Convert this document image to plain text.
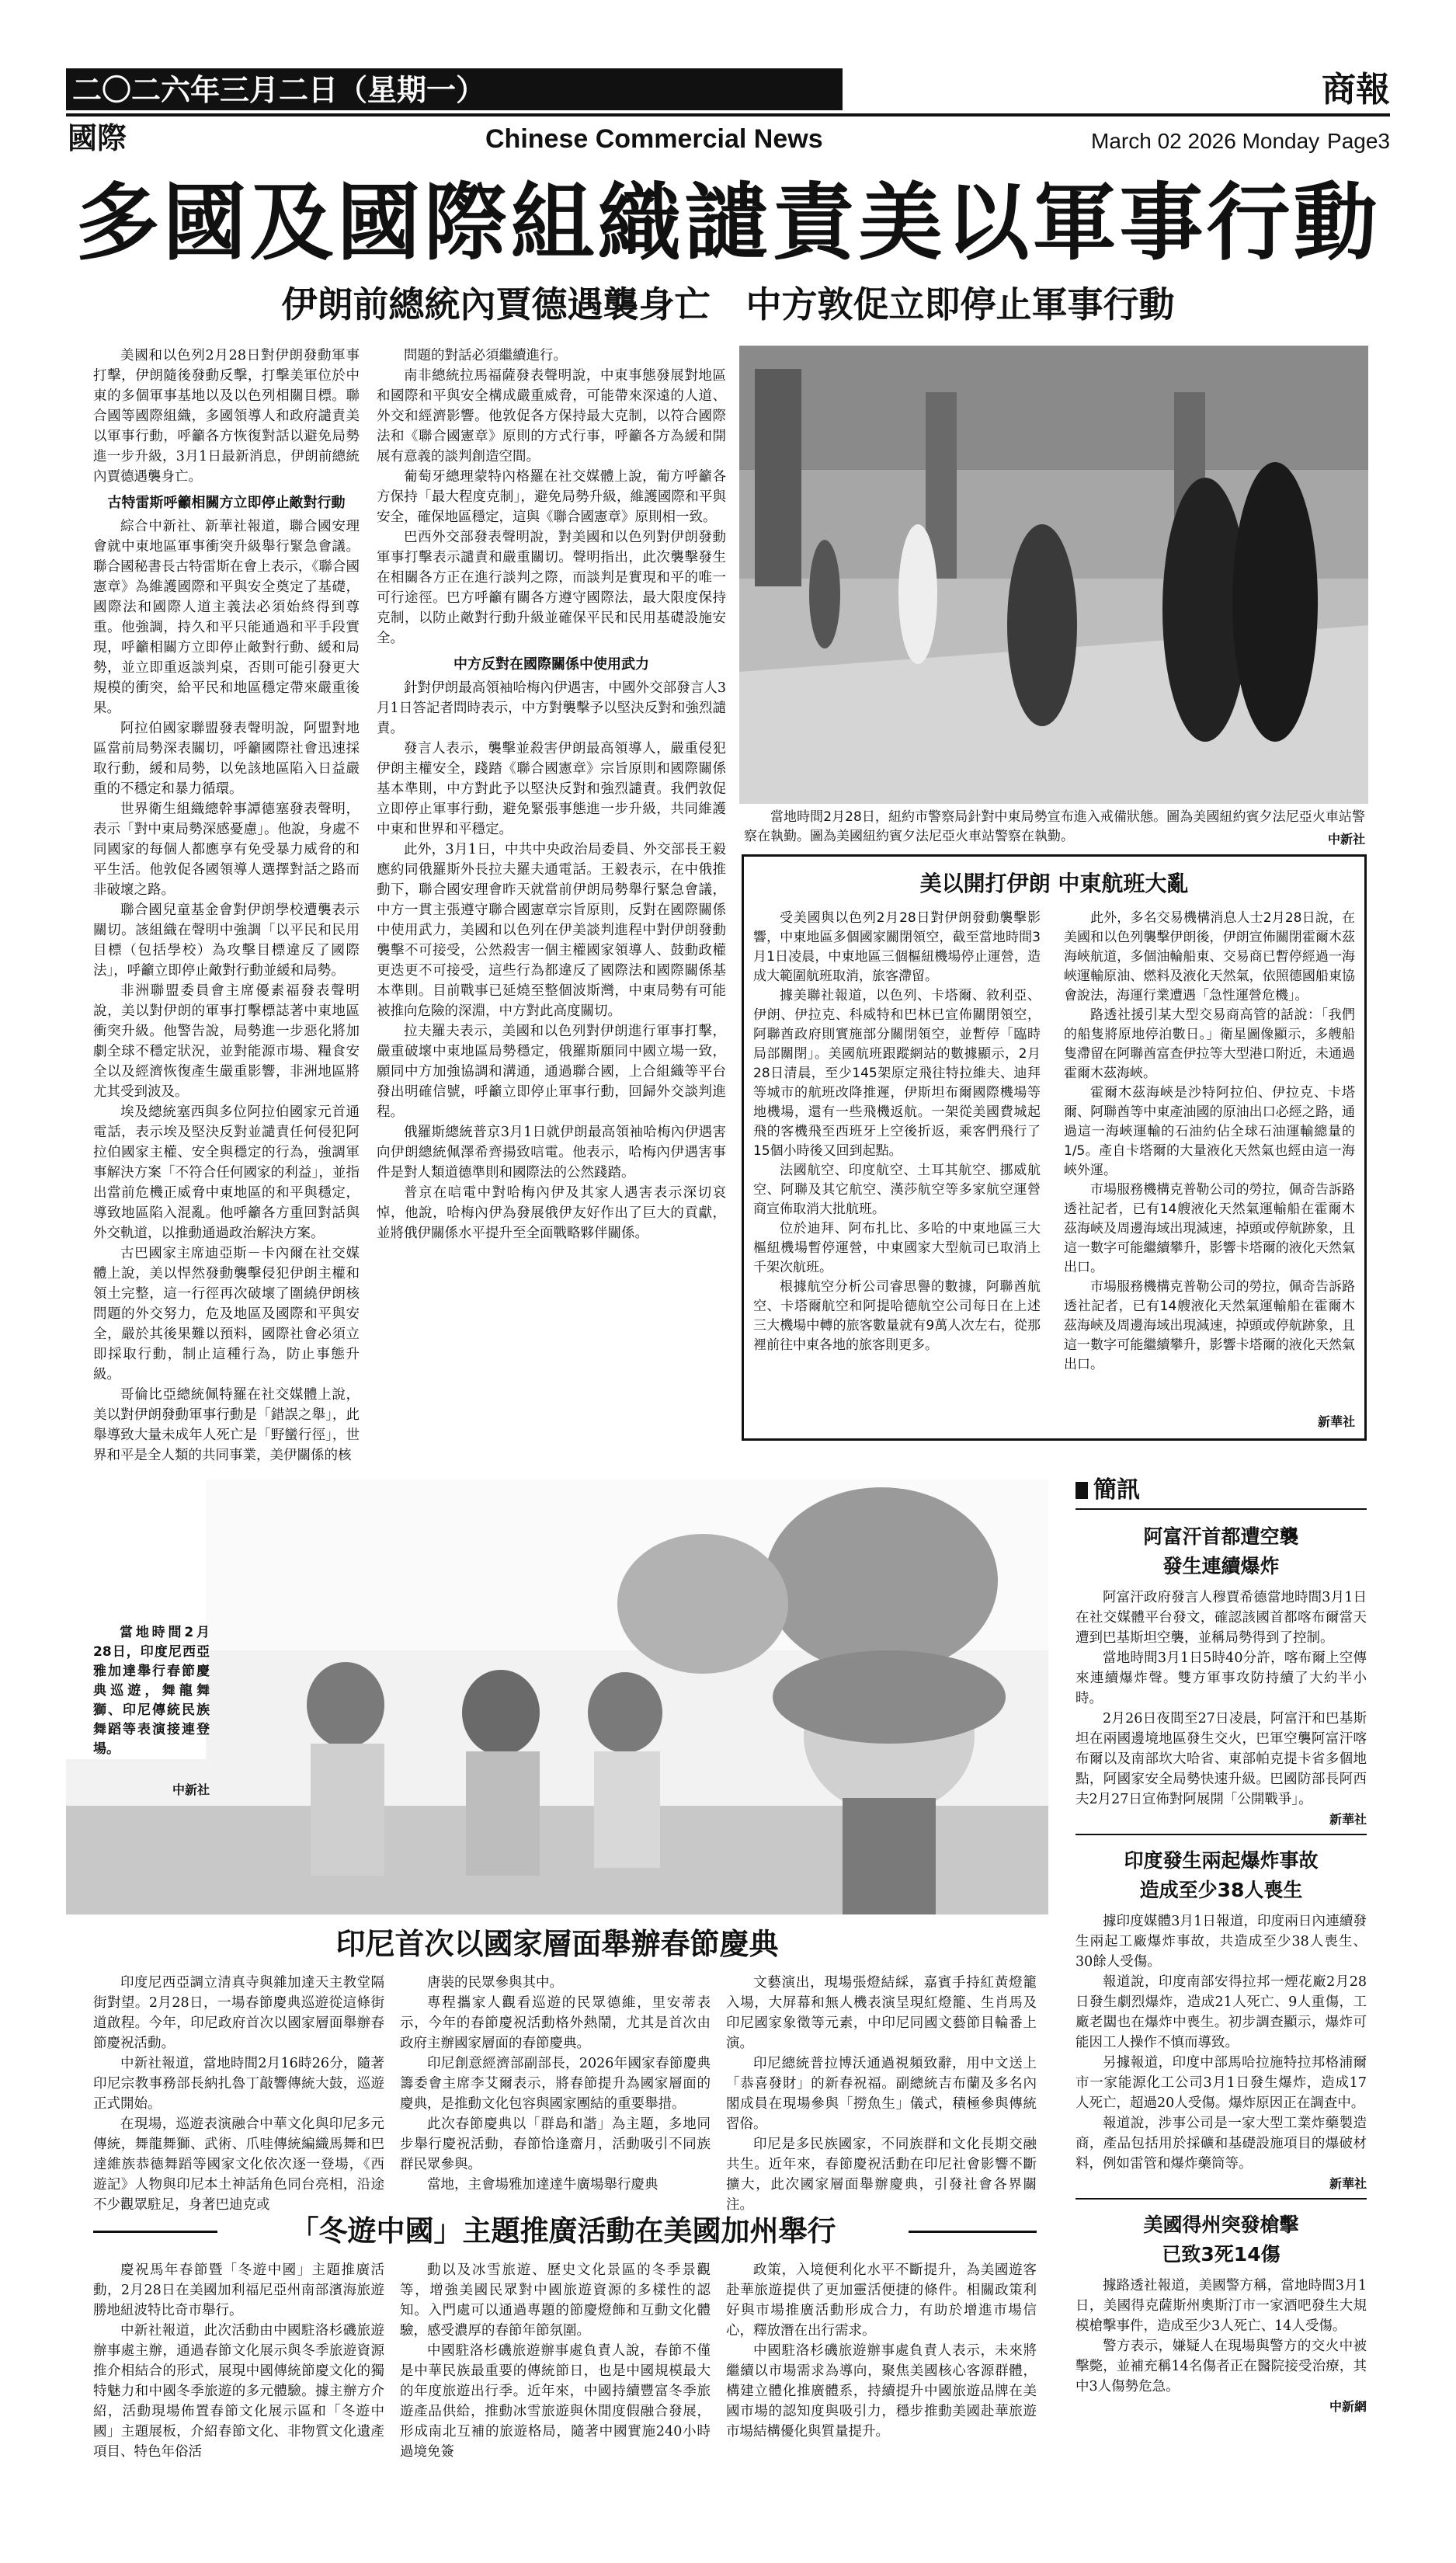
二〇二六年三月二日（星期一）	商報
國際	Chinese Commercial News	March 02 2026 Monday Page3
多國及國際組織譴責美以軍事行動
伊朗前總統內賈德遇襲身亡　中方敦促立即停止軍事行動

美國和以色列2月28日對伊朗發動軍事打擊，伊朗隨後發動反擊，打擊美軍位於中東的多個軍事基地以及以色列相關目標。聯合國等國際組織，多國領導人和政府譴責美以軍事行動，呼籲各方恢復對話以避免局勢進一步升級，3月1日最新消息，伊朗前總統內賈德遇襲身亡。

古特雷斯呼籲相關方立即停止敵對行動

綜合中新社、新華社報道，聯合國安理會就中東地區軍事衝突升級舉行緊急會議。聯合國秘書長古特雷斯在會上表示，《聯合國憲章》為維護國際和平與安全奠定了基礎，國際法和國際人道主義法必須始終得到尊重。他強調，持久和平只能通過和平手段實現，呼籲相關方立即停止敵對行動、緩和局勢，並立即重返談判桌，否則可能引發更大規模的衝突，給平民和地區穩定帶來嚴重後果。

阿拉伯國家聯盟發表聲明說，阿盟對地區當前局勢深表關切，呼籲國際社會迅速採取行動，緩和局勢，以免該地區陷入日益嚴重的不穩定和暴力循環。

世界衛生組織總幹事譚德塞發表聲明，表示「對中東局勢深感憂慮」。他說，身處不同國家的每個人都應享有免受暴力威脅的和平生活。他敦促各國領導人選擇對話之路而非破壞之路。

聯合國兒童基金會對伊朗學校遭襲表示關切。該組織在聲明中強調「以平民和民用目標（包括學校）為攻擊目標違反了國際法」，呼籲立即停止敵對行動並緩和局勢。

非洲聯盟委員會主席優素福發表聲明說，美以對伊朗的軍事打擊標誌著中東地區衝突升級。他警告說，局勢進一步惡化將加劇全球不穩定狀況，並對能源市場、糧食安全以及經濟恢復產生嚴重影響，非洲地區將尤其受到波及。

埃及總統塞西與多位阿拉伯國家元首通電話，表示埃及堅決反對並譴責任何侵犯阿拉伯國家主權、安全與穩定的行為，強調軍事解決方案「不符合任何國家的利益」，並指出當前危機正威脅中東地區的和平與穩定，導致地區陷入混亂。他呼籲各方重回對話與外交軌道，以推動通過政治解決方案。

古巴國家主席迪亞斯－卡內爾在社交媒體上說，美以悍然發動襲擊侵犯伊朗主權和領土完整，這一行徑再次破壞了圍繞伊朗核問題的外交努力，危及地區及國際和平與安全，嚴於其後果難以預料，國際社會必須立即採取行動，制止這種行為，防止事態升級。

哥倫比亞總統佩特羅在社交媒體上說，美以對伊朗發動軍事行動是「錯誤之舉」，此舉導致大量未成年人死亡是「野蠻行徑」，世界和平是全人類的共同事業，美伊關係的核

問題的對話必須繼續進行。

南非總統拉馬福薩發表聲明說，中東事態發展對地區和國際和平與安全構成嚴重威脅，可能帶來深遠的人道、外交和經濟影響。他敦促各方保持最大克制，以符合國際法和《聯合國憲章》原則的方式行事，呼籲各方為緩和開展有意義的談判創造空間。

葡萄牙總理蒙特內格羅在社交媒體上說，葡方呼籲各方保持「最大程度克制」，避免局勢升級，維護國際和平與安全，確保地區穩定，這與《聯合國憲章》原則相一致。

巴西外交部發表聲明說，對美國和以色列對伊朗發動軍事打擊表示譴責和嚴重關切。聲明指出，此次襲擊發生在相關各方正在進行談判之際，而談判是實現和平的唯一可行途徑。巴方呼籲有關各方遵守國際法，最大限度保持克制，以防止敵對行動升級並確保平民和民用基礎設施安全。

中方反對在國際關係中使用武力

針對伊朗最高領袖哈梅內伊遇害，中國外交部發言人3月1日答記者問時表示，中方對襲擊予以堅決反對和強烈譴責。

發言人表示，襲擊並殺害伊朗最高領導人，嚴重侵犯伊朗主權安全，踐踏《聯合國憲章》宗旨原則和國際關係基本準則，中方對此予以堅決反對和強烈譴責。我們敦促立即停止軍事行動，避免緊張事態進一步升級，共同維護中東和世界和平穩定。

此外，3月1日，中共中央政治局委員、外交部長王毅應約同俄羅斯外長拉夫羅夫通電話。王毅表示，在中俄推動下，聯合國安理會昨天就當前伊朗局勢舉行緊急會議，中方一貫主張遵守聯合國憲章宗旨原則，反對在國際關係中使用武力，美國和以色列在伊美談判進程中對伊朗發動襲擊不可接受，公然殺害一個主權國家領導人、鼓動政權更迭更不可接受，這些行為都違反了國際法和國際關係基本準則。目前戰事已延燒至整個波斯灣，中東局勢有可能被推向危險的深淵，中方對此高度關切。

拉夫羅夫表示，美國和以色列對伊朗進行軍事打擊，嚴重破壞中東地區局勢穩定，俄羅斯願同中國立場一致，願同中方加強協調和溝通，通過聯合國，上合組織等平台發出明確信號，呼籲立即停止軍事行動，回歸外交談判進程。

俄羅斯總統普京3月1日就伊朗最高領袖哈梅內伊遇害向伊朗總統佩澤希齊揚致唁電。他表示，哈梅內伊遇害事件是對人類道德準則和國際法的公然踐踏。

普京在唁電中對哈梅內伊及其家人遇害表示深切哀悼，他說，哈梅內伊為發展俄伊友好作出了巨大的貢獻，並將俄伊關係水平提升至全面戰略夥伴關係。

當地時間2月28日，紐約市警察局針對中東局勢宣布進入戒備狀態。圖為美國紐約賓夕法尼亞火車站警察在執勤。圖為美國紐約賓夕法尼亞火車站警察在執勤。	中新社
美以開打伊朗 中東航班大亂

受美國與以色列2月28日對伊朗發動襲擊影響，中東地區多個國家關閉領空，截至當地時間3月1日凌晨，中東地區三個樞紐機場停止運營，造成大範圍航班取消，旅客滯留。

據美聯社報道，以色列、卡塔爾、敘利亞、伊朗、伊拉克、科威特和巴林已宣佈關閉領空，阿聯酋政府則實施部分關閉領空，並暫停「臨時局部關閉」。美國航班跟蹤網站的數據顯示，2月28日清晨，至少145架原定飛往特拉維夫、迪拜等城市的航班改降推遲，伊斯坦布爾國際機場等地機場，還有一些飛機返航。一架從美國費城起飛的客機飛至西班牙上空後折返，乘客們飛行了15個小時後又回到起點。

法國航空、印度航空、土耳其航空、挪威航空、阿聯及其它航空、漢莎航空等多家航空運營商宣佈取消大批航班。

位於迪拜、阿布扎比、多哈的中東地區三大樞紐機場暫停運營，中東國家大型航司已取消上千架次航班。

根據航空分析公司睿思譽的數據，阿聯酋航空、卡塔爾航空和阿提哈德航空公司每日在上述三大機場中轉的旅客數量就有9萬人次左右，從那裡前往中東各地的旅客則更多。

此外，多名交易機構消息人士2月28日說，在美國和以色列襲擊伊朗後，伊朗宣佈關閉霍爾木茲海峽航道，多個油輪船東、交易商已暫停經過一海峽運輸原油、燃料及液化天然氣，依照德國船東協會說法，海運行業遭遇「急性運營危機」。

路透社援引某大型交易商高管的話說：「我們的船隻將原地停泊數日。」衛星圖像顯示，多艘船隻滯留在阿聯酋富查伊拉等大型港口附近，未通過霍爾木茲海峽。

霍爾木茲海峽是沙特阿拉伯、伊拉克、卡塔爾、阿聯酋等中東產油國的原油出口必經之路，通過這一海峽運輸的石油約佔全球石油運輸總量的1/5。產自卡塔爾的大量液化天然氣也經由這一海峽外運。

市場服務機構克普勒公司的勞拉，佩奇告訴路透社記者，已有14艘液化天然氣運輸船在霍爾木茲海峽及周邊海域出現減速，掉頭或停航跡象，且這一數字可能繼續攀升，影響卡塔爾的液化天然氣出口。

市場服務機構克普勒公司的勞拉，佩奇告訴路透社記者，已有14艘液化天然氣運輸船在霍爾木茲海峽及周邊海域出現減速，掉頭或停航跡象，且這一數字可能繼續攀升，影響卡塔爾的液化天然氣出口。

新華社
當地時間2月28日，印度尼西亞雅加達舉行春節慶典巡遊，舞龍舞獅、印尼傳統民族舞蹈等表演接連登場。
中新社
印尼首次以國家層面舉辦春節慶典

印度尼西亞調立清真寺與雜加達天主教堂隔街對望。2月28日，一場春節慶典巡遊從這條街道啟程。今年，印尼政府首次以國家層面舉辦春節慶祝活動。

中新社報道，當地時間2月16時26分，隨著印尼宗教事務部長納扎魯丁敲響傳統大鼓，巡遊正式開始。

在現場，巡遊表演融合中華文化與印尼多元傳統，舞龍舞獅、武術、爪哇傳統編織馬舞和巴達維族恭德舞蹈等國家文化依次逐一登場，《西遊記》人物與印尼本土神話角色同台亮相，沿途不少觀眾駐足，身著巴迪克或

唐裝的民眾參與其中。

專程攜家人觀看巡遊的民眾德維，里安蒂表示，今年的春節慶祝活動格外熱鬧，尤其是首次由政府主辦國家層面的春節慶典。

印尼創意經濟部副部長，2026年國家春節慶典籌委會主席李艾爾表示，將春節提升為國家層面的慶典，是推動文化包容與國家團結的重要舉措。

此次春節慶典以「群島和諧」為主題，多地同步舉行慶祝活動，春節恰逢齋月，活動吸引不同族群民眾參與。

當地，主會場雅加達達牛廣場舉行慶典

文藝演出，現場張燈結綵，嘉賓手持紅黃燈籠入場，大屏幕和無人機表演呈現紅燈籠、生肖馬及印尼國家象徵等元素，中印尼同國文藝節目輪番上演。

印尼總統普拉博沃通過視頻致辭，用中文送上「恭喜發財」的新春祝福。副總統吉布蘭及多名內閣成員在現場參與「撈魚生」儀式，積極參與傳統習俗。

印尼是多民族國家，不同族群和文化長期交融共生。近年來，春節慶祝活動在印尼社會影響不斷擴大，此次國家層面舉辦慶典，引發社會各界關注。

「冬遊中國」主題推廣活動在美國加州舉行

慶祝馬年春節暨「冬遊中國」主題推廣活動，2月28日在美國加利福尼亞州南部濱海旅遊勝地紐波特比奇市舉行。

中新社報道，此次活動由中國駐洛杉磯旅遊辦事處主辦，通過春節文化展示與冬季旅遊資源推介相結合的形式，展現中國傳統節慶文化的獨特魅力和中國冬季旅遊的多元體驗。據主辦方介紹，活動現場佈置春節文化展示區和「冬遊中國」主題展板，介紹春節文化、非物質文化遺產項目、特色年俗活

動以及冰雪旅遊、歷史文化景區的冬季景觀等，增強美國民眾對中國旅遊資源的多樣性的認知。入門處可以通過專題的節慶燈飾和互動文化體驗，感受濃厚的春節年節氛圍。

中國駐洛杉磯旅遊辦事處負責人說，春節不僅是中華民族最重要的傳統節日，也是中國規模最大的年度旅遊出行季。近年來，中國持續豐富冬季旅遊產品供給，推動冰雪旅遊與休閒度假融合發展，形成南北互補的旅遊格局，隨著中國實施240小時過境免簽

政策，入境便利化水平不斷提升，為美國遊客赴華旅遊提供了更加靈活便捷的條件。相關政策利好與市場推廣活動形成合力，有助於增進市場信心，釋放潛在出行需求。

中國駐洛杉磯旅遊辦事處負責人表示，未來將繼續以市場需求為導向，聚焦美國核心客源群體，構建立體化推廣體系，持續提升中國旅遊品牌在美國市場的認知度與吸引力，穩步推動美國赴華旅遊市場結構優化與質量提升。

簡訊
阿富汗首都遭空襲
發生連續爆炸

阿富汗政府發言人穆賈希德當地時間3月1日在社交媒體平台發文，確認該國首都喀布爾當天遭到巴基斯坦空襲，並稱局勢得到了控制。

當地時間3月1日5時40分許，喀布爾上空傳來連續爆炸聲。雙方軍事攻防持續了大約半小時。

2月26日夜間至27日凌晨，阿富汗和巴基斯坦在兩國邊境地區發生交火，巴軍空襲阿富汗喀布爾以及南部坎大哈省、東部帕克提卡省多個地點，阿國家安全局勢快速升級。巴國防部長阿西夫2月27日宣佈對阿展開「公開戰爭」。

新華社
印度發生兩起爆炸事故
造成至少38人喪生

據印度媒體3月1日報道，印度兩日內連續發生兩起工廠爆炸事故，共造成至少38人喪生、30餘人受傷。

報道說，印度南部安得拉邦一煙花廠2月28日發生劇烈爆炸，造成21人死亡、9人重傷，工廠老闆也在爆炸中喪生。初步調查顯示，爆炸可能因工人操作不慎而導致。

另據報道，印度中部馬哈拉施特拉邦格浦爾市一家能源化工公司3月1日發生爆炸，造成17人死亡，超過20人受傷。爆炸原因正在調查中。

報道說，涉事公司是一家大型工業炸藥製造商，產品包括用於採礦和基礎設施項目的爆破材料，例如雷管和爆炸藥筒等。

新華社
美國得州突發槍擊
已致3死14傷

據路透社報道，美國警方稱，當地時間3月1日，美國得克薩斯州奧斯汀市一家酒吧發生大規模槍擊事件，造成至少3人死亡、14人受傷。

警方表示，嫌疑人在現場與警方的交火中被擊斃，並補充稱14名傷者正在醫院接受治療，其中3人傷勢危急。

中新網
